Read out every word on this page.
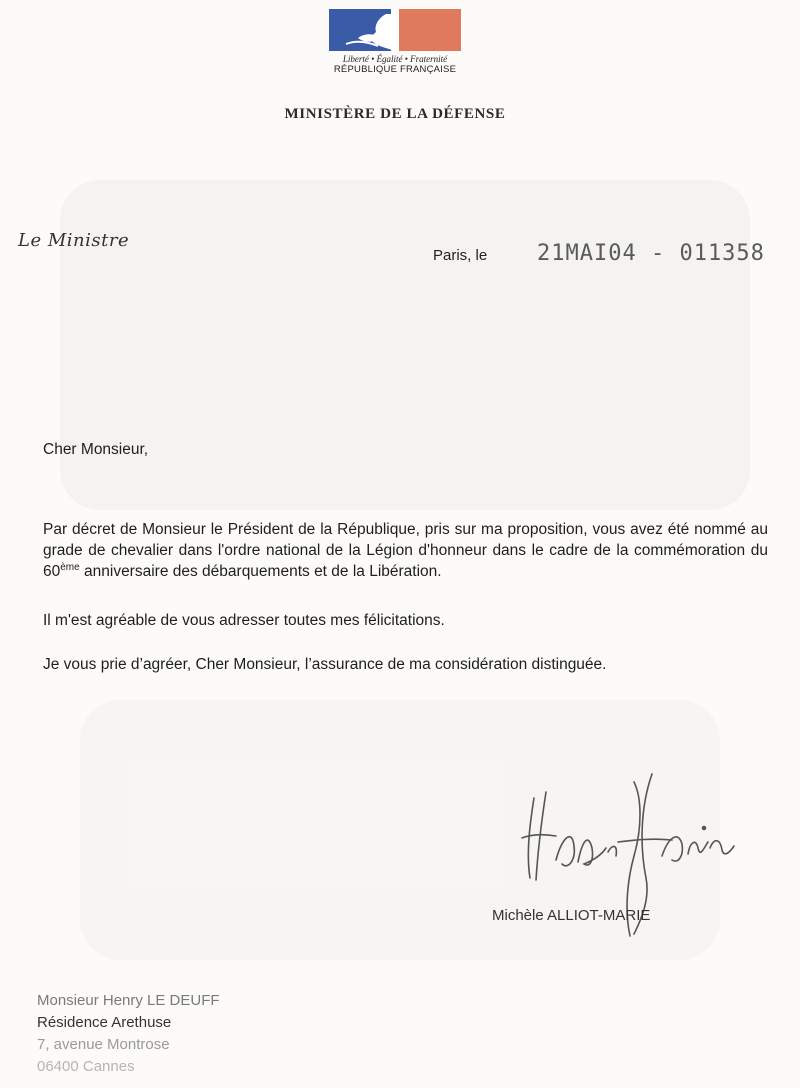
Liberté • Égalité • Fraternité
RÉPUBLIQUE FRANÇAISE
MINISTÈRE DE LA DÉFENSE
Le Ministre
Paris, le 21MAI04 - 011358
Cher Monsieur,
Par décret de Monsieur le Président de la République, pris sur ma proposition, vous avez été nommé au grade de chevalier dans l'ordre national de la Légion d'honneur dans le cadre de la commémoration du 60ème anniversaire des débarquements et de la Libération.
Il m'est agréable de vous adresser toutes mes félicitations.
Je vous prie d’agréer, Cher Monsieur, l’assurance de ma considération distinguée.
Michèle ALLIOT-MARIE
Monsieur Henry LE DEUFF
Résidence Arethuse
7, avenue Montrose
06400 Cannes
